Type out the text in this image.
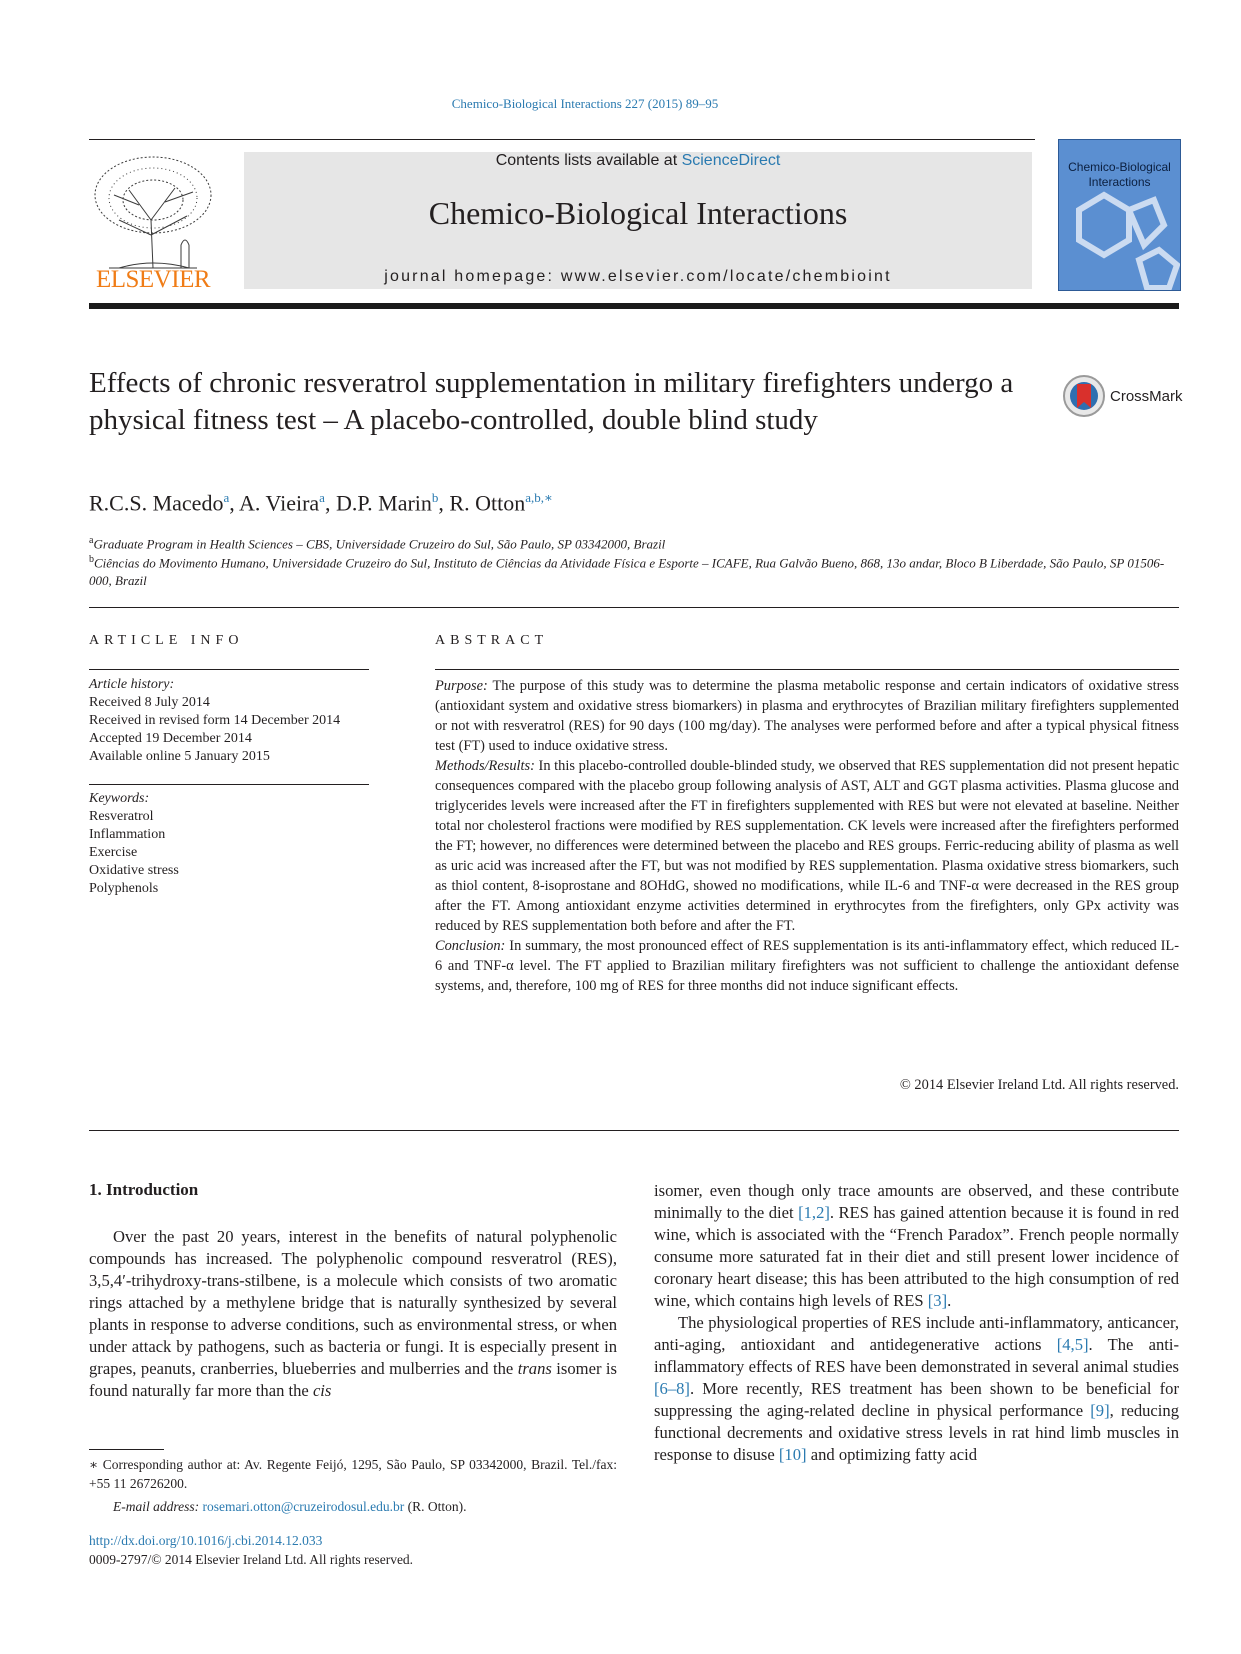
Chemico-Biological Interactions 227 (2015) 89–95
ELSEVIER
Contents lists available at ScienceDirect
Chemico-Biological Interactions
journal homepage: www.elsevier.com/locate/chembioint
Chemico-Biological Interactions
Effects of chronic resveratrol supplementation in military firefighters undergo a physical fitness test – A placebo-controlled, double blind study
CrossMark
R.C.S. Macedo$^a$, A. Vieira$^a$, D.P. Marin$^b$, R. Otton$^{a,b,∗}$
$^a$Graduate Program in Health Sciences – CBS, Universidade Cruzeiro do Sul, São Paulo, SP 03342000, Brazil
$^b$Ciências do Movimento Humano, Universidade Cruzeiro do Sul, Instituto de Ciências da Atividade Física e Esporte – ICAFE, Rua Galvão Bueno, 868, 13o andar, Bloco B Liberdade, São Paulo, SP 01506-000, Brazil
ARTICLE INFO
Article history:
Received 8 July 2014
Received in revised form 14 December 2014
Accepted 19 December 2014
Available online 5 January 2015
Keywords:
Resveratrol
Inflammation
Exercise
Oxidative stress
Polyphenols
ABSTRACT

Purpose: The purpose of this study was to determine the plasma metabolic response and certain indicators of oxidative stress (antioxidant system and oxidative stress biomarkers) in plasma and erythrocytes of Brazilian military firefighters supplemented or not with resveratrol (RES) for 90 days (100 mg/day). The analyses were performed before and after a typical physical fitness test (FT) used to induce oxidative stress.

Methods/Results: In this placebo-controlled double-blinded study, we observed that RES supplementation did not present hepatic consequences compared with the placebo group following analysis of AST, ALT and GGT plasma activities. Plasma glucose and triglycerides levels were increased after the FT in firefighters supplemented with RES but were not elevated at baseline. Neither total nor cholesterol fractions were modified by RES supplementation. CK levels were increased after the firefighters performed the FT; however, no differences were determined between the placebo and RES groups. Ferric-reducing ability of plasma as well as uric acid was increased after the FT, but was not modified by RES supplementation. Plasma oxidative stress biomarkers, such as thiol content, 8-isoprostane and 8OHdG, showed no modifications, while IL-6 and TNF-α were decreased in the RES group after the FT. Among antioxidant enzyme activities determined in erythrocytes from the firefighters, only GPx activity was reduced by RES supplementation both before and after the FT.

Conclusion: In summary, the most pronounced effect of RES supplementation is its anti-inflammatory effect, which reduced IL-6 and TNF-α level. The FT applied to Brazilian military firefighters was not sufficient to challenge the antioxidant defense systems, and, therefore, 100 mg of RES for three months did not induce significant effects.

© 2014 Elsevier Ireland Ltd. All rights reserved.
1. Introduction
Over the past 20 years, interest in the benefits of natural polyphenolic compounds has increased. The polyphenolic compound resveratrol (RES), 3,5,4′-trihydroxy-trans-stilbene, is a molecule which consists of two aromatic rings attached by a methylene bridge that is naturally synthesized by several plants in response to adverse conditions, such as environmental stress, or when under attack by pathogens, such as bacteria or fungi. It is especially present in grapes, peanuts, cranberries, blueberries and mulberries and the trans isomer is found naturally far more than the cis

isomer, even though only trace amounts are observed, and these contribute minimally to the diet [1,2]. RES has gained attention because it is found in red wine, which is associated with the “French Paradox”. French people normally consume more saturated fat in their diet and still present lower incidence of coronary heart disease; this has been attributed to the high consumption of red wine, which contains high levels of RES [3].

The physiological properties of RES include anti-inflammatory, anticancer, anti-aging, antioxidant and antidegenerative actions [4,5]. The anti-inflammatory effects of RES have been demonstrated in several animal studies [6–8]. More recently, RES treatment has been shown to be beneficial for suppressing the aging-related decline in physical performance [9], reducing functional decrements and oxidative stress levels in rat hind limb muscles in response to disuse [10] and optimizing fatty acid

∗ Corresponding author at: Av. Regente Feijó, 1295, São Paulo, SP 03342000, Brazil. Tel./fax: +55 11 26726200.
E-mail address: rosemari.otton@cruzeirodosul.edu.br (R. Otton).
http://dx.doi.org/10.1016/j.cbi.2014.12.033
0009-2797/© 2014 Elsevier Ireland Ltd. All rights reserved.
